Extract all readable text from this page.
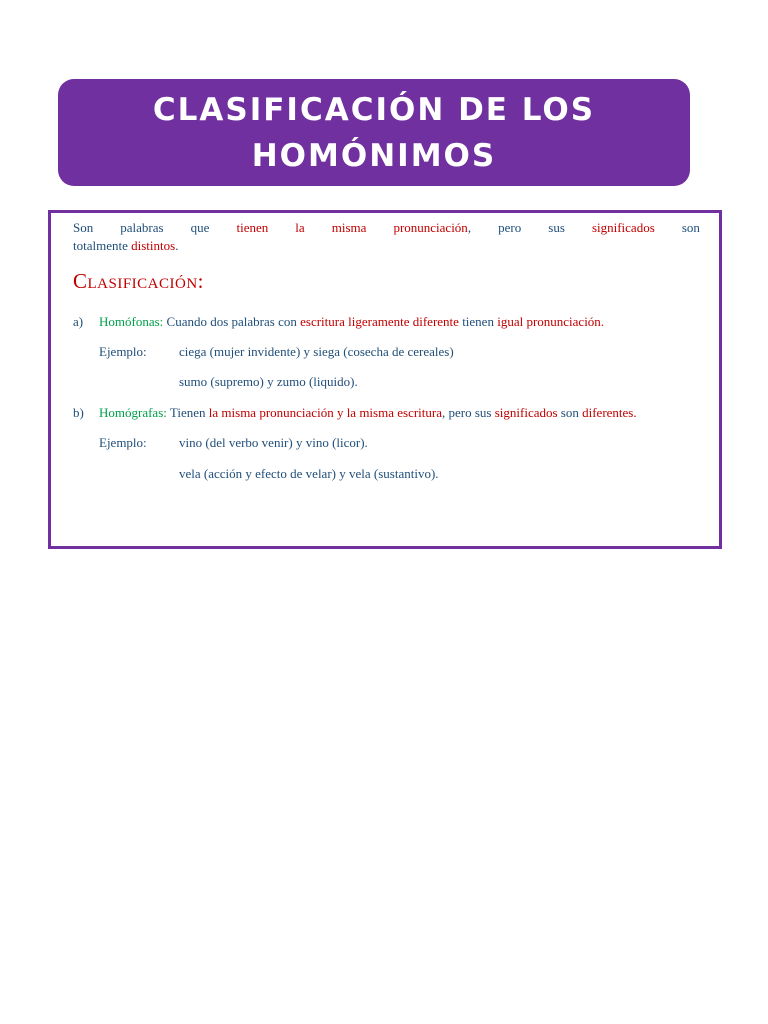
CLASIFICACIÓN DE LOS
HOMÓNIMOS
Son palabras que tienen la misma pronunciación, pero sus significados son
totalmente distintos.
Clasificación:
a) Homófonas: Cuando dos palabras con escritura ligeramente diferente tienen igual pronunciación.
Ejemplo: ciega (mujer invidente) y siega (cosecha de cereales)
sumo (supremo) y zumo (liquido).
b) Homógrafas: Tienen la misma pronunciación y la misma escritura, pero sus significados son diferentes.
Ejemplo: vino (del verbo venir) y vino (licor).
vela (acción y efecto de velar) y vela (sustantivo).
